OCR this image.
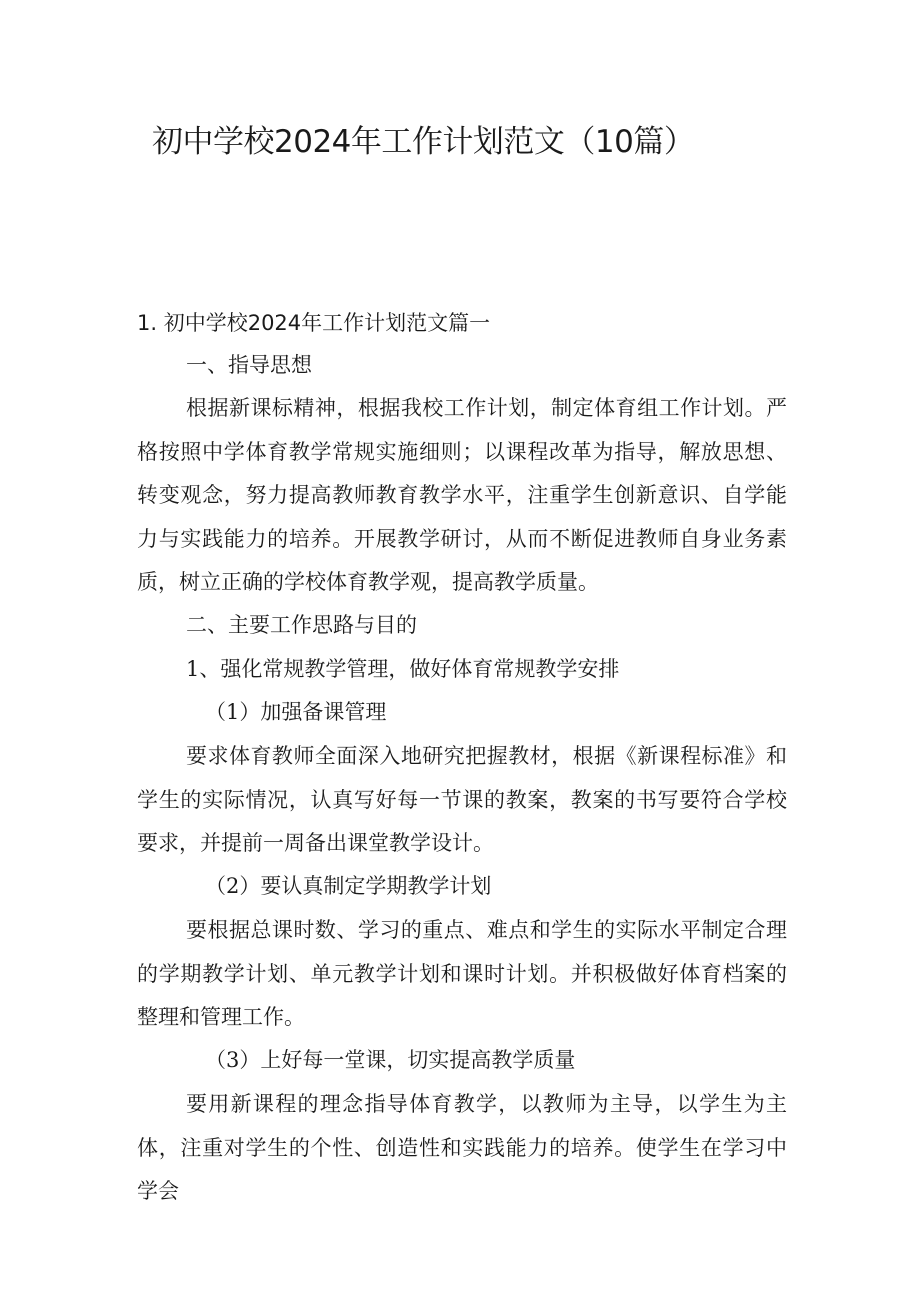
初中学校2024年工作计划范文（10篇）

1. 初中学校2024年工作计划范文篇一

一、指导思想

根据新课标精神，根据我校工作计划，制定体育组工作计划。严格按照中学体育教学常规实施细则；以课程改革为指导，解放思想、转变观念，努力提高教师教育教学水平，注重学生创新意识、自学能力与实践能力的培养。开展教学研讨，从而不断促进教师自身业务素质，树立正确的学校体育教学观，提高教学质量。

二、主要工作思路与目的

1、强化常规教学管理，做好体育常规教学安排

（1）加强备课管理

要求体育教师全面深入地研究把握教材，根据《新课程标准》和学生的实际情况，认真写好每一节课的教案，教案的书写要符合学校要求，并提前一周备出课堂教学设计。

（2）要认真制定学期教学计划

要根据总课时数、学习的重点、难点和学生的实际水平制定合理的学期教学计划、单元教学计划和课时计划。并积极做好体育档案的整理和管理工作。

（3）上好每一堂课，切实提高教学质量

要用新课程的理念指导体育教学，以教师为主导，以学生为主体，注重对学生的个性、创造性和实践能力的培养。使学生在学习中学会
